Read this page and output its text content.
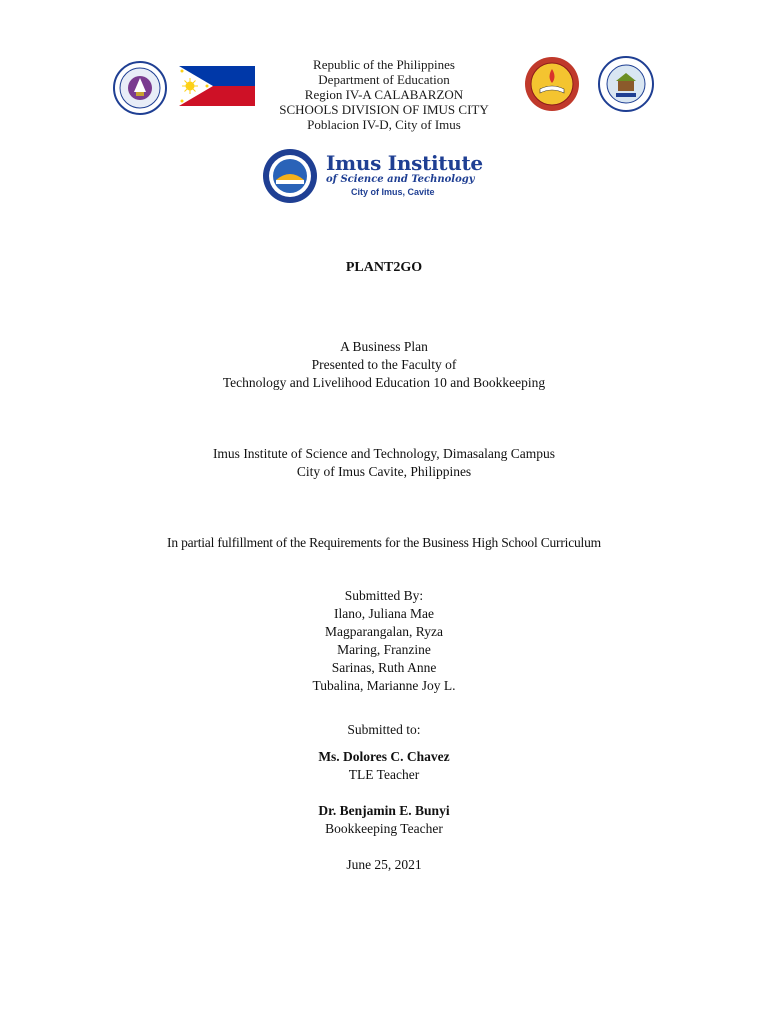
Republic of the Philippines
Department of Education
Region IV-A CALABARZON
SCHOOLS DIVISION OF IMUS CITY
Poblacion IV-D, City of Imus
Imus Institute
of Science and Technology
City of Imus, Cavite
PLANT2GO
A Business Plan
Presented to the Faculty of
Technology and Livelihood Education 10 and Bookkeeping
Imus Institute of Science and Technology, Dimasalang Campus
City of Imus Cavite, Philippines
In partial fulfillment of the Requirements for the Business High School Curriculum
Submitted By:
Ilano, Juliana Mae
Magparangalan, Ryza
Maring, Franzine
Sarinas, Ruth Anne
Tubalina, Marianne Joy L.
Submitted to:
Ms. Dolores C. Chavez
TLE Teacher
Dr. Benjamin E. Bunyi
Bookkeeping Teacher
June 25, 2021
